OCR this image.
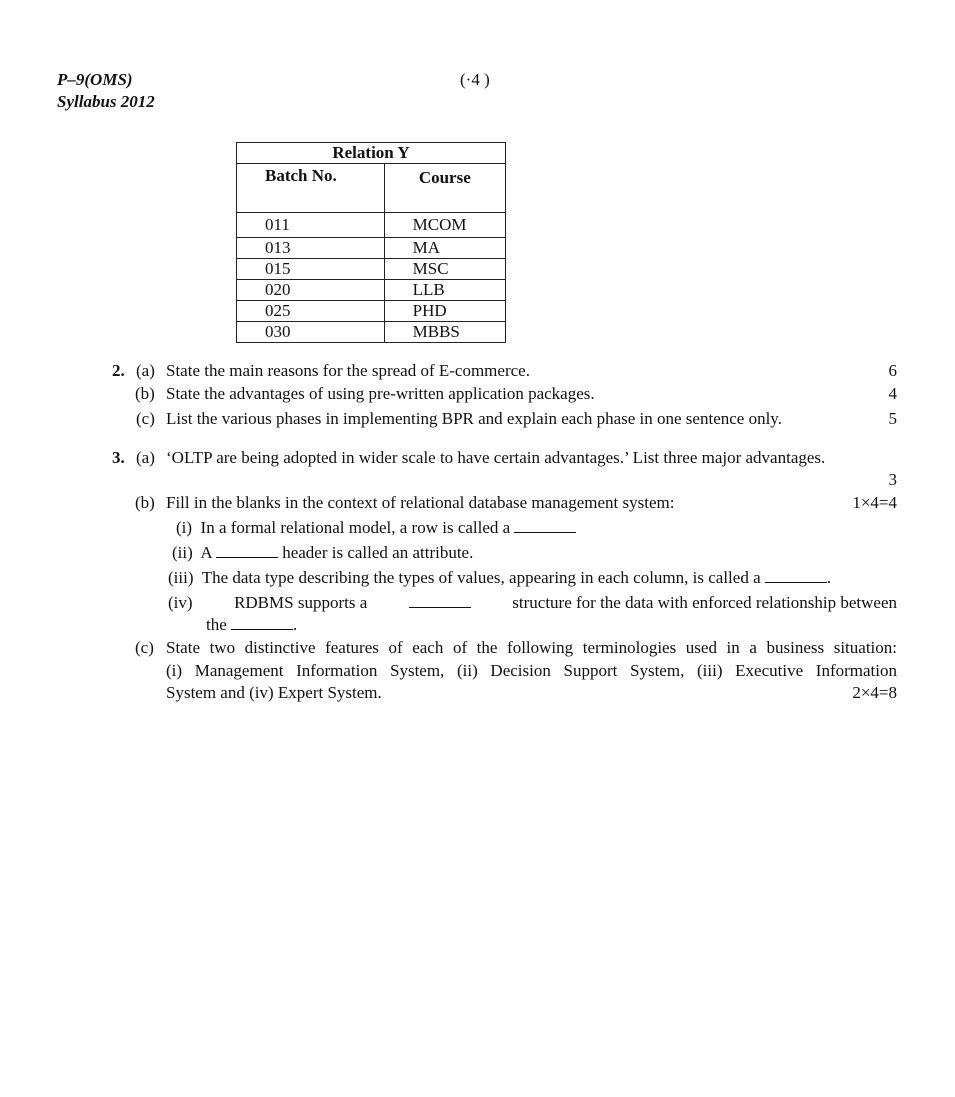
P–9(OMS)
Syllabus 2012
(·4 )
Relation Y	
Batch No.	Course
011	MCOM
013	MA
015	MSC
020	LLB
025	PHD
030	MBBS
2. (a) State the main reasons for the spread of E-commerce.	6
(b) State the advantages of using pre-written application packages.	4
(c) List the various phases in implementing BPR and explain each phase in one sentence only.	5
3. (a) ‘OLTP are being adopted in wider scale to have certain advantages.’ List three major advantages.
3
(b) Fill in the blanks in the context of relational database management system:	1×4=4
(i) In a formal relational model, a row is called a
(ii) A	header is called an attribute.
(iii) The data type describing the types of values, appearing in each column, is called a	.
(iv) RDBMS supports a	structure for the data with enforced relationship between
the	.
(c) State two distinctive features of each of the following terminologies used in a business situation:
(i) Management Information System, (ii) Decision Support System, (iii) Executive Information
System and (iv) Expert System.	2×4=8
